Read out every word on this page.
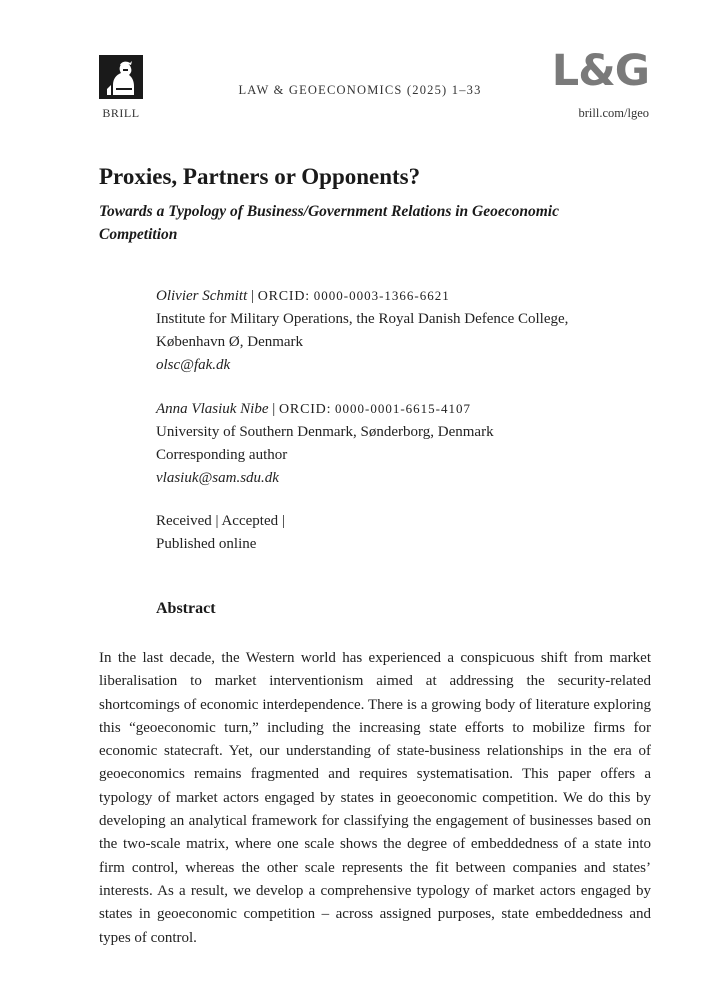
BRILL
LAW & GEOECONOMICS (2025) 1–33	L&G
brill.com/lgeo
Proxies, Partners or Opponents?
Towards a Typology of Business/Government Relations in Geoeconomic Competition
Olivier Schmitt | ORCID: 0000-0003-1366-6621
Institute for Military Operations, the Royal Danish Defence College,
København Ø, Denmark
olsc@fak.dk
Anna Vlasiuk Nibe | ORCID: 0000-0001-6615-4107
University of Southern Denmark, Sønderborg, Denmark
Corresponding author
vlasiuk@sam.sdu.dk
Received | Accepted |
Published online
Abstract

In the last decade, the Western world has experienced a conspicuous shift from market liberalisation to market interventionism aimed at addressing the security-related shortcomings of economic interdependence. There is a growing body of literature exploring this “geoeconomic turn,” including the increasing state efforts to mobilize firms for economic statecraft. Yet, our understanding of state-business relationships in the era of geoeconomics remains fragmented and requires systematisation. This paper offers a typology of market actors engaged by states in geoeconomic competition. We do this by developing an analytical framework for classifying the engagement of businesses based on the two-scale matrix, where one scale shows the degree of embeddedness of a state into firm control, whereas the other scale represents the fit between companies and states’ interests. As a result, we develop a comprehensive typology of market actors engaged by states in geoeconomic competition – across assigned purposes, state embeddedness and types of control.
